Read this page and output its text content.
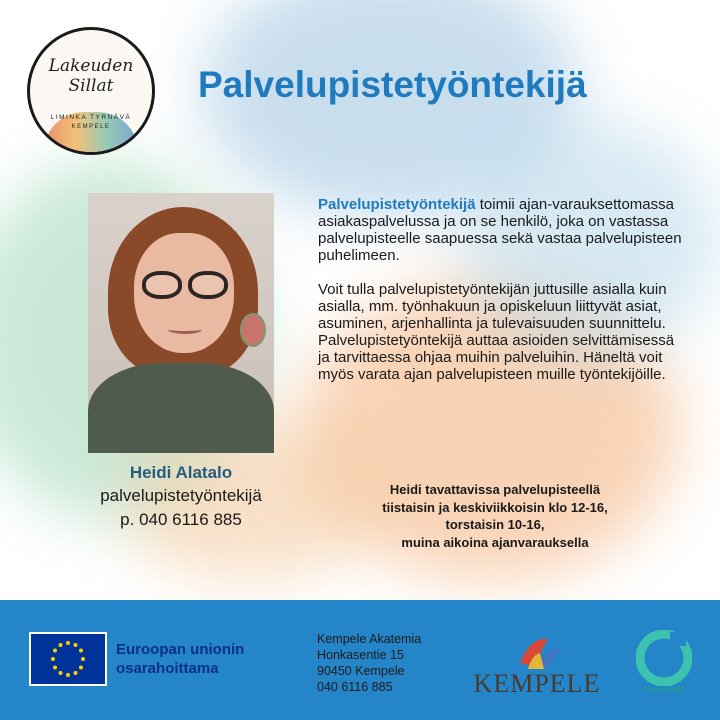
Lakeuden
Sillat
LIMINKA TYRNÄVÄ
KEMPELE
Palvelupistetyöntekijä
Heidi Alatalo
palvelupistetyöntekijä
p. 040 6116 885

Palvelupistetyöntekijä toimii ajan-varauksettomassa asiakaspalvelussa ja on se henkilö, joka on vastassa palvelupisteelle saapuessa sekä vastaa palvelupisteen puhelimeen.

Voit tulla palvelupistetyöntekijän juttusille asialla kuin asialla, mm. työnhakuun ja opiskeluun liittyvät asiat, asuminen, arjenhallinta ja tulevaisuuden suunnittelu. Palvelupistetyöntekijä auttaa asioiden selvittämisessä ja tarvittaessa ohjaa muihin palveluihin. Häneltä voit myös varata ajan palvelupisteen muille työntekijöille.

Heidi tavattavissa palvelupisteellä
tiistaisin ja keskiviikkoisin klo 12-16,
torstaisin 10-16,
muina aikoina ajanvarauksella
Euroopan unionin
osarahoittama
Kempele Akatemia
Honkasentie 15
90450 Kempele
040 6116 885	KEMPELE	OHJAAMO
